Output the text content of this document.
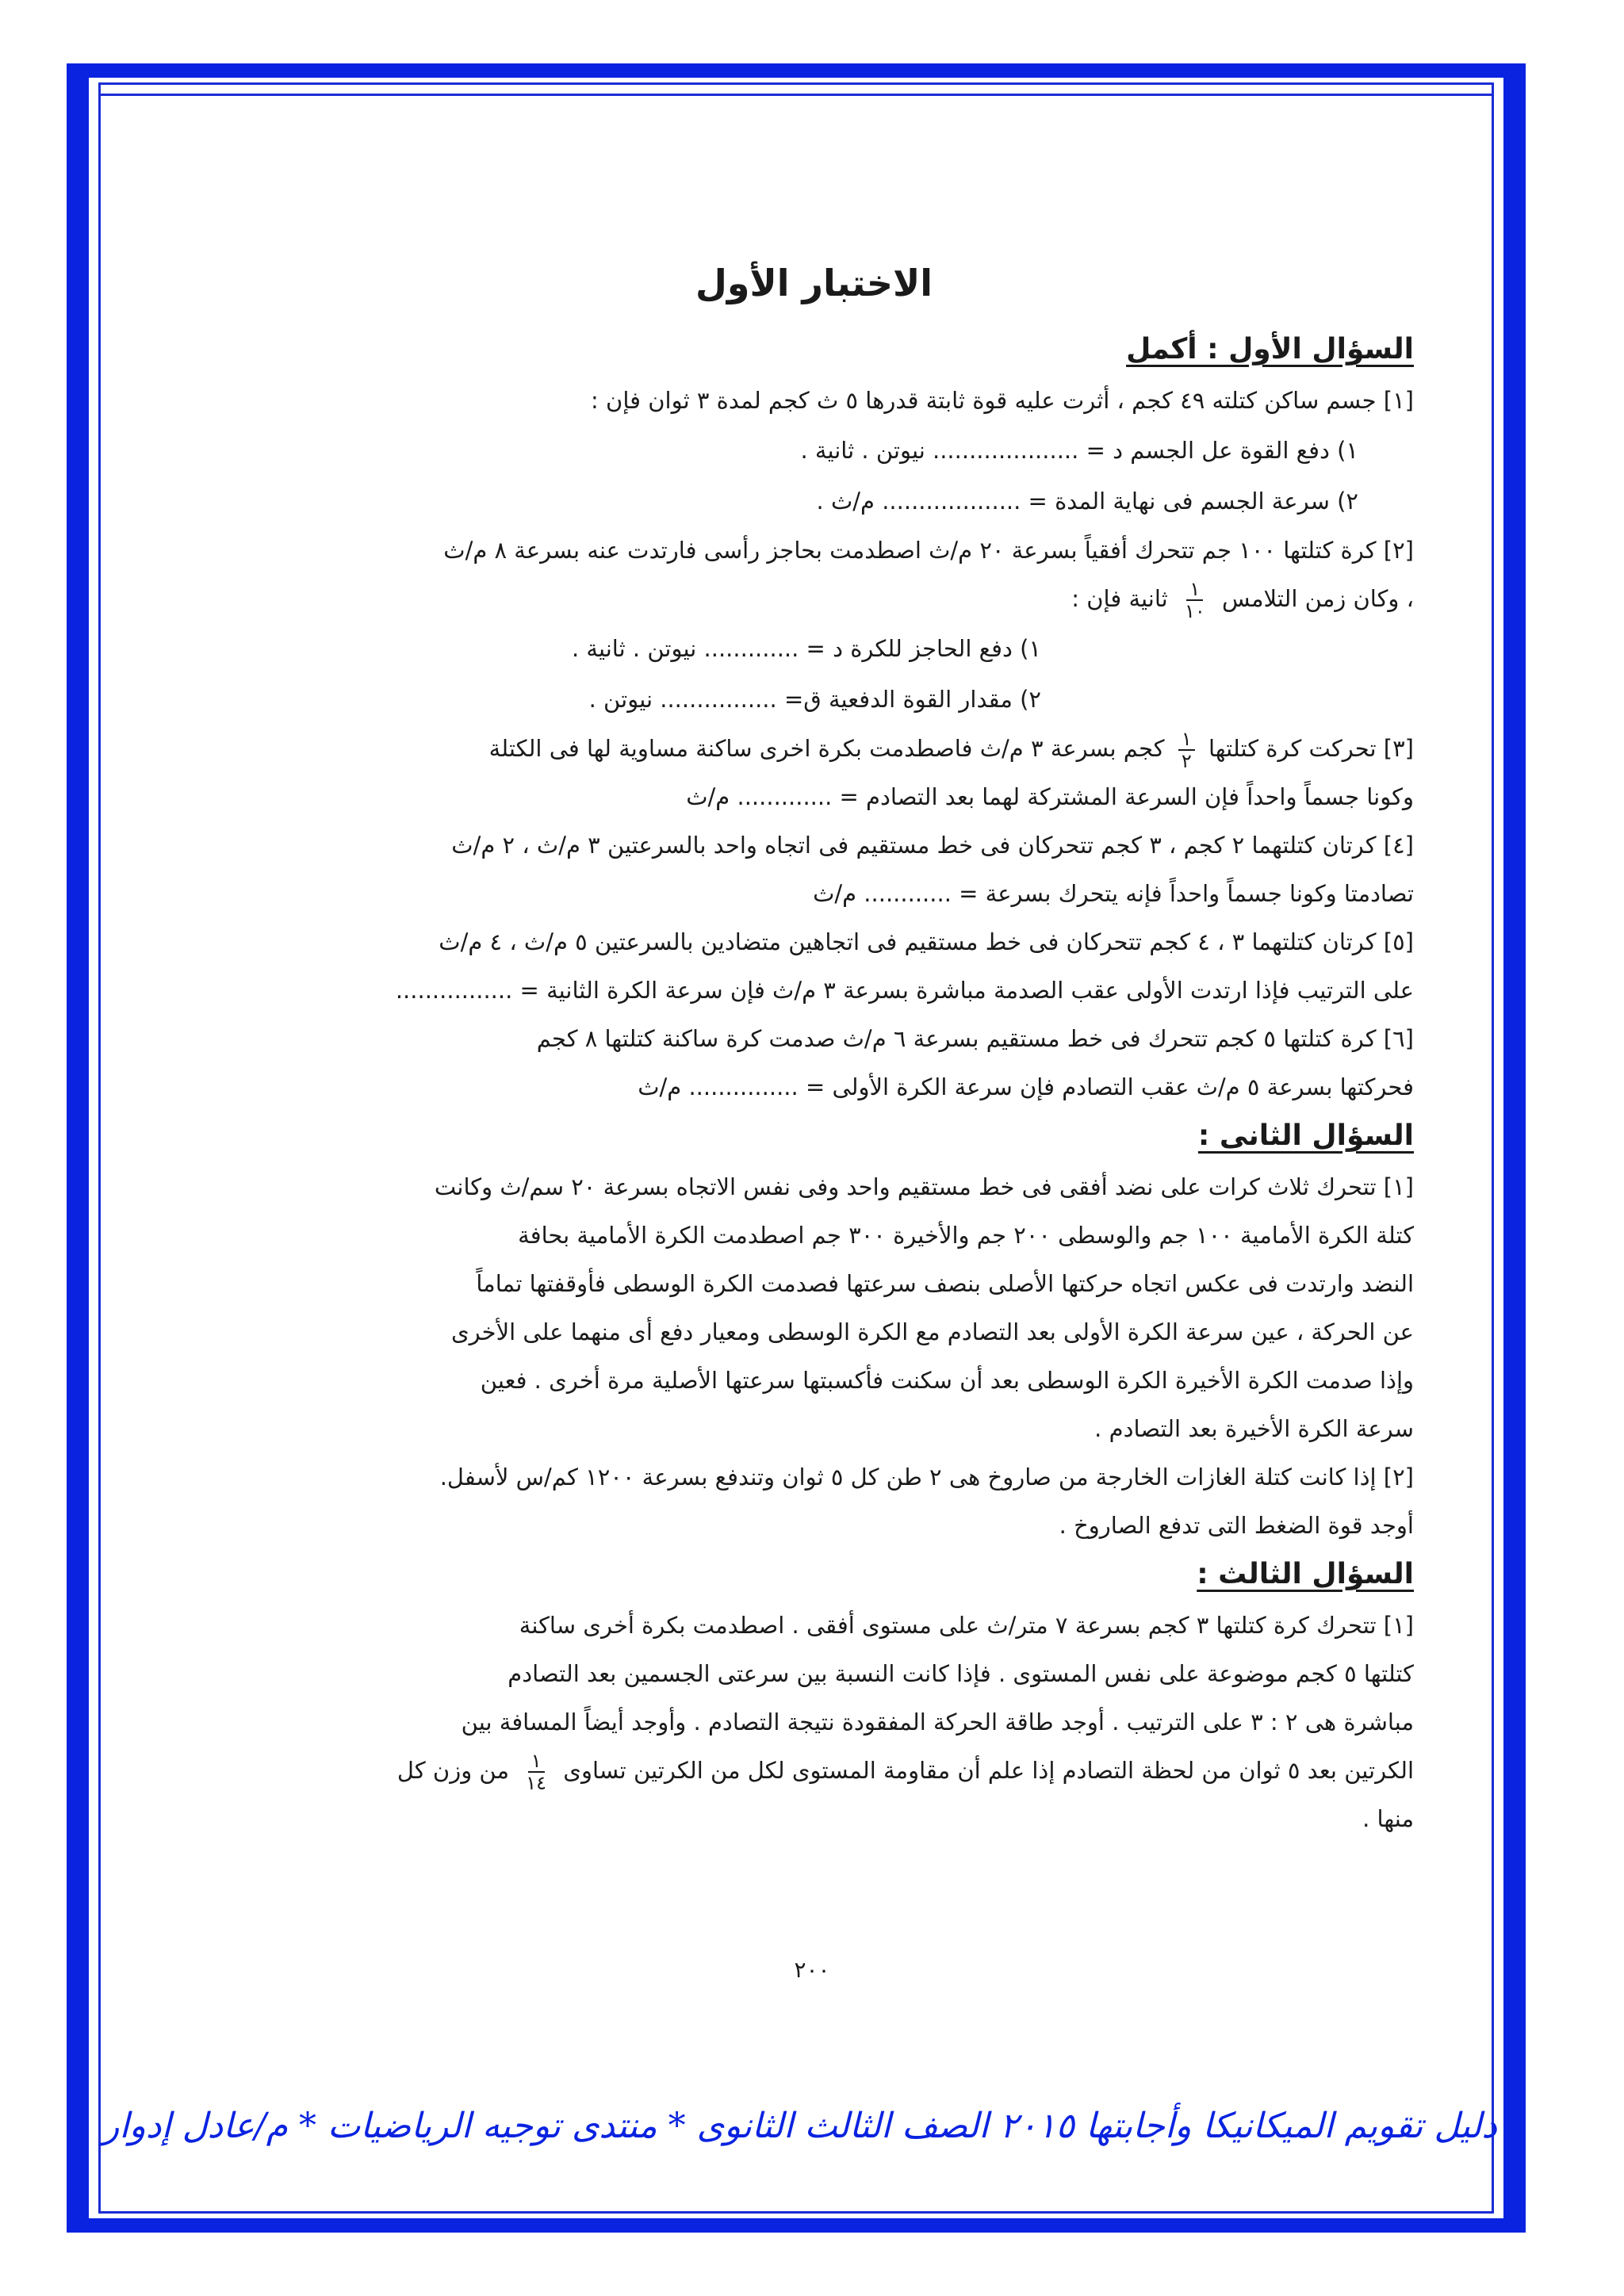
الاختبار الأول
السؤال الأول : أكمل

[١] جسم ساكن كتلته ٤٩ كجم ، أثرت عليه قوة ثابتة قدرها ٥ ث كجم لمدة ٣ ثوان فإن :

١) دفع القوة عل الجسم د = .................... نيوتن . ثانية .

٢) سرعة الجسم فى نهاية المدة = ................... م/ث .

[٢] كرة كتلتها ١٠٠ جم تتحرك أفقياً بسرعة ٢٠ م/ث اصطدمت بحاجز رأسى فارتدت عنه بسرعة ٨ م/ث

، وكان زمن التلامس
$\frac{١}{١٠}$
ثانية فإن :

١) دفع الحاجز للكرة د = ............. نيوتن . ثانية .

٢) مقدار القوة الدفعية ق= ................ نيوتن .

[٣] تحركت كرة كتلتها
$\frac{١}{٢}$
كجم بسرعة ٣ م/ث فاصطدمت بكرة اخرى ساكنة مساوية لها فى الكتلة

وكونا جسماً واحداً فإن السرعة المشتركة لهما بعد التصادم = ............. م/ث

[٤] كرتان كتلتهما ٢ كجم ، ٣ كجم تتحركان فى خط مستقيم فى اتجاه واحد بالسرعتين ٣ م/ث ، ٢ م/ث

تصادمتا وكونا جسماً واحداً فإنه يتحرك بسرعة = ............ م/ث

[٥] كرتان كتلتهما ٣ ، ٤ كجم تتحركان فى خط مستقيم فى اتجاهين متضادين بالسرعتين ٥ م/ث ، ٤ م/ث

على الترتيب فإذا ارتدت الأولى عقب الصدمة مباشرة بسرعة ٣ م/ث فإن سرعة الكرة الثانية = ................

[٦] كرة كتلتها ٥ كجم تتحرك فى خط مستقيم بسرعة ٦ م/ث صدمت كرة ساكنة كتلتها ٨ كجم

فحركتها بسرعة ٥ م/ث عقب التصادم فإن سرعة الكرة الأولى = ............... م/ث

السؤال الثانى :

[١] تتحرك ثلاث كرات على نضد أفقى فى خط مستقيم واحد وفى نفس الاتجاه بسرعة ٢٠ سم/ث وكانت

كتلة الكرة الأمامية ١٠٠ جم والوسطى ٢٠٠ جم والأخيرة ٣٠٠ جم اصطدمت الكرة الأمامية بحافة

النضد وارتدت فى عكس اتجاه حركتها الأصلى بنصف سرعتها فصدمت الكرة الوسطى فأوقفتها تماماً

عن الحركة ، عين سرعة الكرة الأولى بعد التصادم مع الكرة الوسطى ومعيار دفع أى منهما على الأخرى

وإذا صدمت الكرة الأخيرة الكرة الوسطى بعد أن سكنت فأكسبتها سرعتها الأصلية مرة أخرى . فعين

سرعة الكرة الأخيرة بعد التصادم .

[٢] إذا كانت كتلة الغازات الخارجة من صاروخ هى ٢ طن كل ٥ ثوان وتندفع بسرعة ١٢٠٠ كم/س لأسفل.

أوجد قوة الضغط التى تدفع الصاروخ .

السؤال الثالث :

[١] تتحرك كرة كتلتها ٣ كجم بسرعة ٧ متر/ث على مستوى أفقى . اصطدمت بكرة أخرى ساكنة

كتلتها ٥ كجم موضوعة على نفس المستوى . فإذا كانت النسبة بين سرعتى الجسمين بعد التصادم

مباشرة هى ٢ : ٣ على الترتيب . أوجد طاقة الحركة المفقودة نتيجة التصادم . وأوجد أيضاً المسافة بين

الكرتين بعد ٥ ثوان من لحظة التصادم إذا علم أن مقاومة المستوى لكل من الكرتين تساوى
$\frac{١}{١٤}$
من وزن كل

منها .

٢٠٠
دليل تقويم الميكانيكا وأجابتها ٢٠١٥ الصف الثالث الثانوى * منتدى توجيه الرياضيات * م/عادل إدوار
